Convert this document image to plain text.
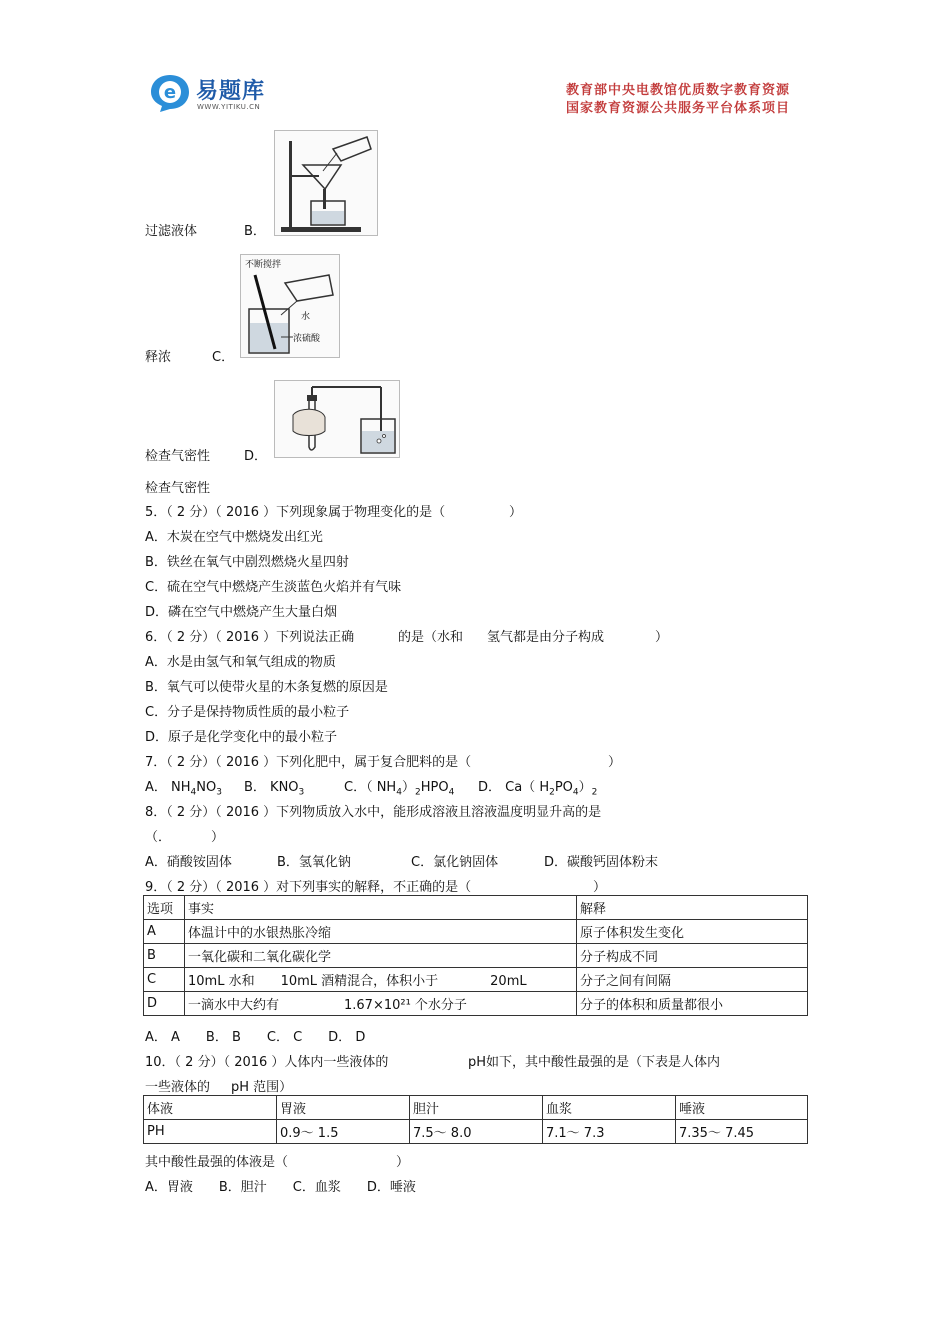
e 易题库
WWW.YITIKU.CN
教育部中央电教馆优质数字教育资源
国家教育资源公共服务平台体系项目
过滤液体	B．
释浓	C．
不断搅拌
水
浓硫酸
检查气密性	D．
检查气密性
5．（ 2 分）（ 2016 ）下列现象属于物理变化的是（	）
A．木炭在空气中燃烧发出红光
B．铁丝在氧气中剧烈燃烧火星四射
C．硫在空气中燃烧产生淡蓝色火焰并有气味
D．磷在空气中燃烧产生大量白烟
6．（ 2 分）（ 2016 ）下列说法正确	的是（水和 氢气都是由分子构成	）
A．水是由氢气和氧气组成的物质
B．氧气可以使带火星的木条复燃的原因是
C．分子是保持物质性质的最小粒子
D．原子是化学变化中的最小粒子
7．（ 2 分）（ 2016 ）下列化肥中，属于复合肥料的是（	）
A． $NH_4NO_3$ B． $KNO_3$	C．（ $NH_4)_2HPO_4$ D． Ca（ $H_2PO_4)_2$
8．（ 2 分）（ 2016 ）下列物质放入水中，能形成溶液且溶液温度明显升高的是
（．	）
A．硝酸铵固体	B．氢氧化钠	C．氯化钠固体	D．碳酸钙固体粉末
9．（ 2 分）（ 2016 ）对下列事实的解释，不正确的是（	）
选项	事实	解释
A	体温计中的水银热胀冷缩	原子体积发生变化
B	一氧化碳和二氧化碳化学	分子构成不同
C	10mL 水和　　10mL 酒精混合，体积小于　　　　20mL	分子之间有间隔
D	一滴水中大约有　　　　　1.67×10²¹ 个水分子	分子的体积和质量都很小
A． A　　B． B　　C． C　　D． D
10．（ 2 分）（ 2016 ）人体内一些液体的	pH如下，其中酸性最强的是（下表是人体内
一些液体的 pH 范围）
体液	胃液	胆汁	血浆	唾液
PH	0.9～ 1.5	7.5～ 8.0	7.1～ 7.3	7.35～ 7.45
其中酸性最强的体液是（	）
A．胃液　　B．胆汁　　C．血浆　　D．唾液
